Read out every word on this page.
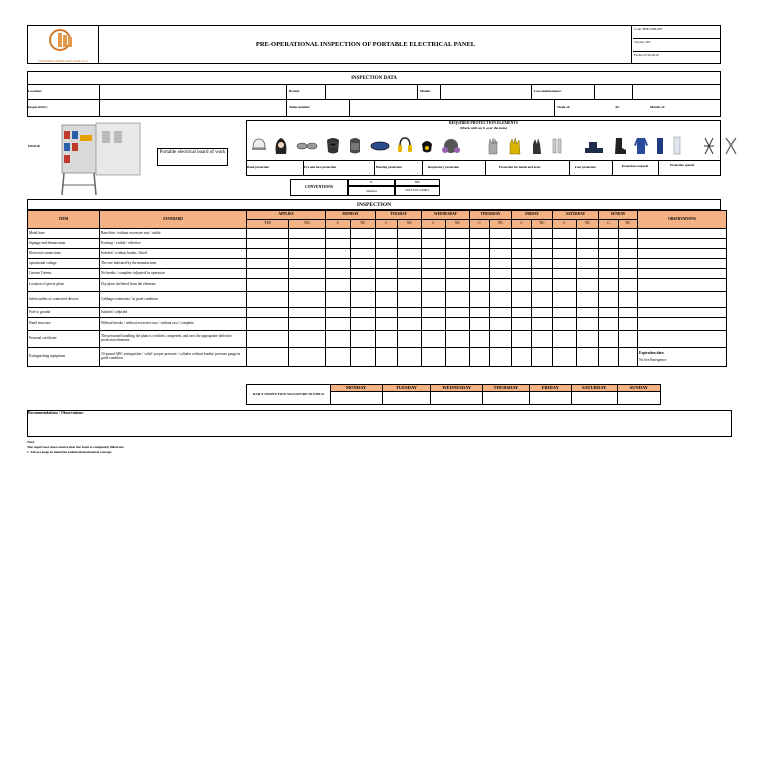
CONSTRUCCIONES SAN JUAN S.A.S
PRE-OPERATIONAL INSPECTION OF PORTABLE ELECTRICAL PANEL
Code: HSE-FOR-087
Version: 001
Fecha: 01/01/2019
INSPECTION DATA
Location:	Brand:	Model:	Last maintenance:
Inspected by:	Team number	Week of:	Al:	Month of:
IMAGE
Portable electrical board of work
REQUIRED PROTECTION ELEMENTS
(Mark with an X over the item)

Head protection	Eye and face protection	Hearing protection	Respiratory protection	Protection for hands and arms	Foot protection	Protection corporal	Protection special
CONVENTIONS
C	NC
Satisfies	DOES NOT COMPLY
INSPECTION
ITEM	STANDARD	APPLIES		MONDAY		TUESDAY		WEDNESDAY		THURSDAY		FRIDAY		SATURDAY		SUNDAY		OBSERVATIONS
		YES	NO	C	NC	C	NC	C	NC	C	NC	C	NC	C	NC	C	NC	
Metal base	Base/thin / without excessive rust / stable																	
Signage and demarcation	Existing / visible / effective																	
Electrical connections	Isolated / without breaks / fitted																	
operational voltage	The one indicated by the manufacturer																	
Current Totems	No breaks / complete /adjusted/ in operation																	
Location of power plant	Dry place sheltered from the elements																	
Inlets/outlets of connected devices	Cabbage extensions / in good condition																	
Pole to ground	Isolated / adjusted																	
Panel structure	Without breaks / without excessive rust / without rust / complete																	
Personal certificate	The personnel handling the plant is certified, competent, and uses the appropriate dielectric protection elements.																	
Extinguishing equipment	10-pound ABC extinguisher / valid / proper pressure / cylinder without breaks/ pressure gauge in good condition																	Expiration date:
No fire Emergence
DAILY INSPECTION SIGNATURE IN FIELD	MONDAY	TUESDAY	WEDNESDAY	THURSDAY	FRIDAY	SATURDAY	SUNDAY

Recommendations / Observations:
Note:
The supervisor must ensure that the form is completely filled out.
1. Always keep in mind the technical/mechanical concept
